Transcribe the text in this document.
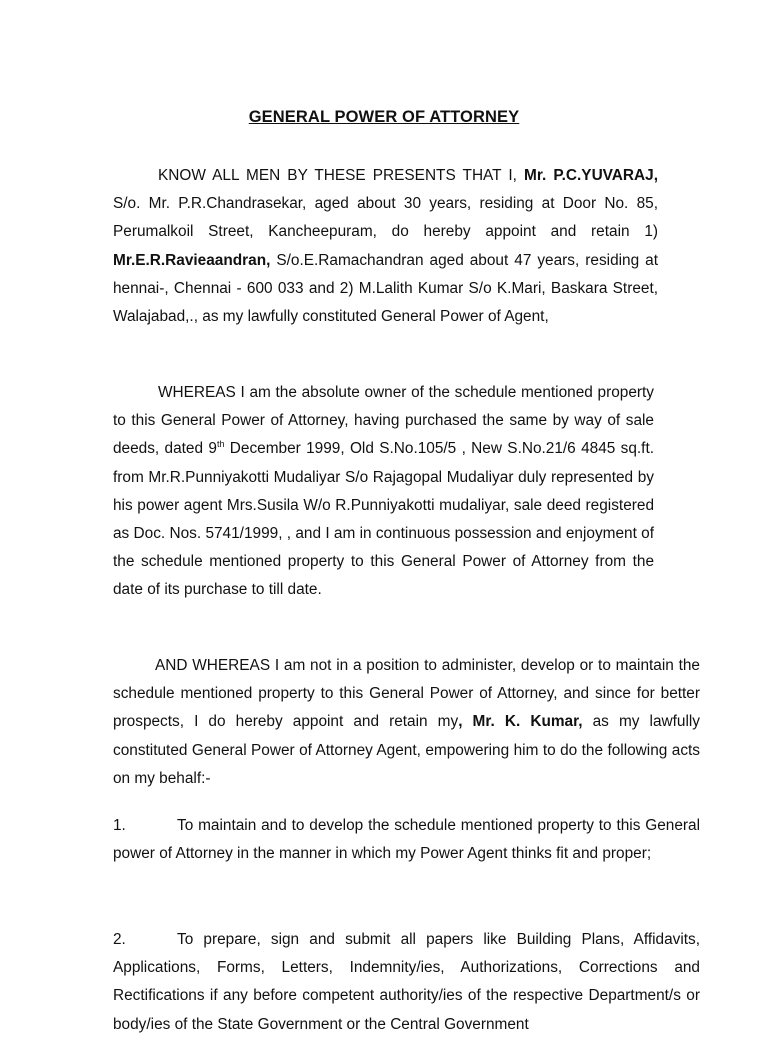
GENERAL POWER OF ATTORNEY

KNOW ALL MEN BY THESE PRESENTS THAT I, Mr. P.C.YUVARAJ, S/o. Mr. P.R.Chandrasekar, aged about 30 years, residing at Door No. 85, Perumalkoil Street, Kancheepuram, do hereby appoint and retain 1) Mr.E.R.Ravieaandran, S/o.E.Ramachandran aged about 47 years, residing at hennai-, Chennai - 600 033 and 2) M.Lalith Kumar S/o K.Mari, Baskara Street, Walajabad,., as my lawfully constituted General Power of Agent,

WHEREAS I am the absolute owner of the schedule mentioned property to this General Power of Attorney, having purchased the same by way of sale deeds, dated 9th December 1999, Old S.No.105/5 , New S.No.21/6 4845 sq.ft. from Mr.R.Punniyakotti Mudaliyar S/o Rajagopal Mudaliyar duly represented by his power agent Mrs.Susila W/o R.Punniyakotti mudaliyar, sale deed registered as Doc. Nos. 5741/1999, , and I am in continuous possession and enjoyment of the schedule mentioned property to this General Power of Attorney from the date of its purchase to till date.

AND WHEREAS I am not in a position to administer, develop or to maintain the schedule mentioned property to this General Power of Attorney, and since for better prospects, I do hereby appoint and retain my, Mr. K. Kumar, as my lawfully constituted General Power of Attorney Agent, empowering him to do the following acts on my behalf:-

1.	To maintain and to develop the schedule mentioned property to this General power of Attorney in the manner in which my Power Agent thinks fit and proper;

2.	To prepare, sign and submit all papers like Building Plans, Affidavits, Applications, Forms, Letters, Indemnity/ies, Authorizations, Corrections and Rectifications if any before competent authority/ies of the respective Department/s or body/ies of the State Government or the Central Government
